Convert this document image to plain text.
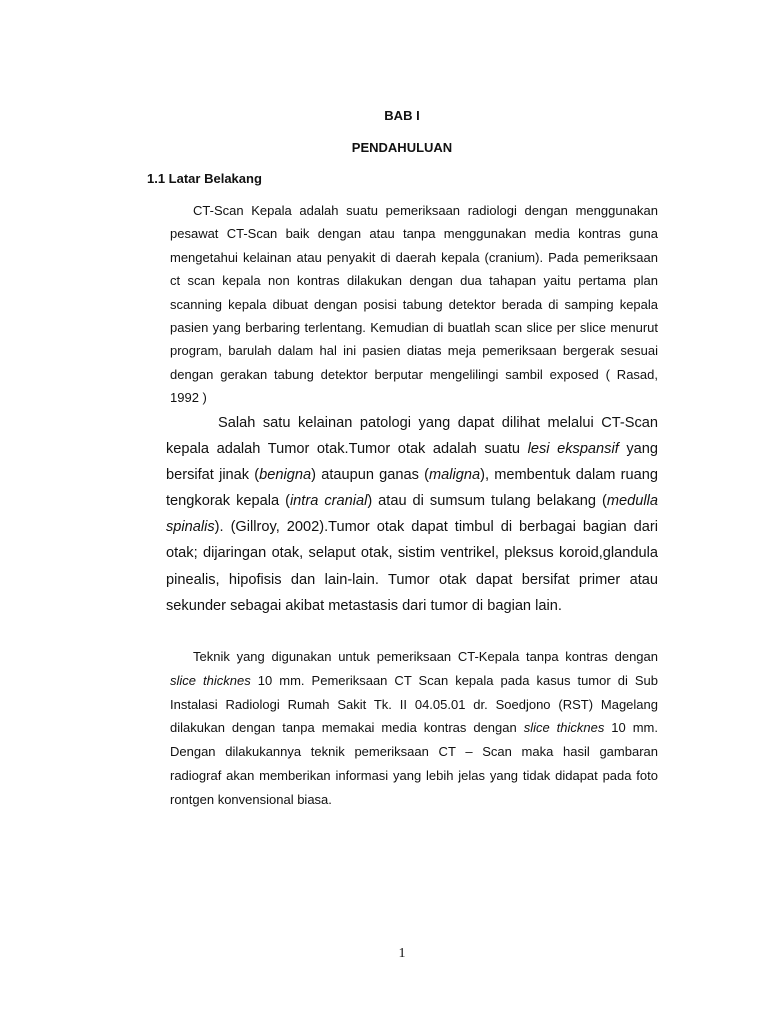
BAB I

PENDAHULUAN

1.1 Latar Belakang

CT-Scan Kepala adalah suatu pemeriksaan radiologi dengan menggunakan pesawat CT-Scan baik dengan atau tanpa menggunakan media kontras guna mengetahui kelainan atau penyakit di daerah kepala (cranium). Pada pemeriksaan ct scan kepala non kontras dilakukan dengan dua tahapan yaitu pertama plan scanning kepala dibuat dengan posisi tabung detektor berada di samping kepala pasien yang berbaring terlentang. Kemudian di buatlah scan slice per slice menurut program, barulah dalam hal ini pasien diatas meja pemeriksaan bergerak sesuai dengan gerakan tabung detektor berputar mengelilingi sambil exposed ( Rasad, 1992 )

Salah satu kelainan patologi yang dapat dilihat melalui CT-Scan kepala adalah Tumor otak.Tumor otak adalah suatu lesi ekspansif yang bersifat jinak (benigna) ataupun ganas (maligna), membentuk dalam ruang tengkorak kepala (intra cranial) atau di sumsum tulang belakang (medulla spinalis). (Gillroy, 2002).Tumor otak dapat timbul di berbagai bagian dari otak; dijaringan otak, selaput otak, sistim ventrikel, pleksus koroid,glandula pinealis, hipofisis dan lain-lain. Tumor otak dapat bersifat primer atau sekunder sebagai akibat metastasis dari tumor di bagian lain.

Teknik yang digunakan untuk pemeriksaan CT-Kepala tanpa kontras dengan slice thicknes 10 mm. Pemeriksaan CT Scan kepala pada kasus tumor di Sub Instalasi Radiologi Rumah Sakit Tk. II 04.05.01 dr. Soedjono (RST) Magelang dilakukan dengan tanpa memakai media kontras dengan slice thicknes 10 mm. Dengan dilakukannya teknik pemeriksaan CT – Scan maka hasil gambaran radiograf akan memberikan informasi yang lebih jelas yang tidak didapat pada foto rontgen konvensional biasa.

1
